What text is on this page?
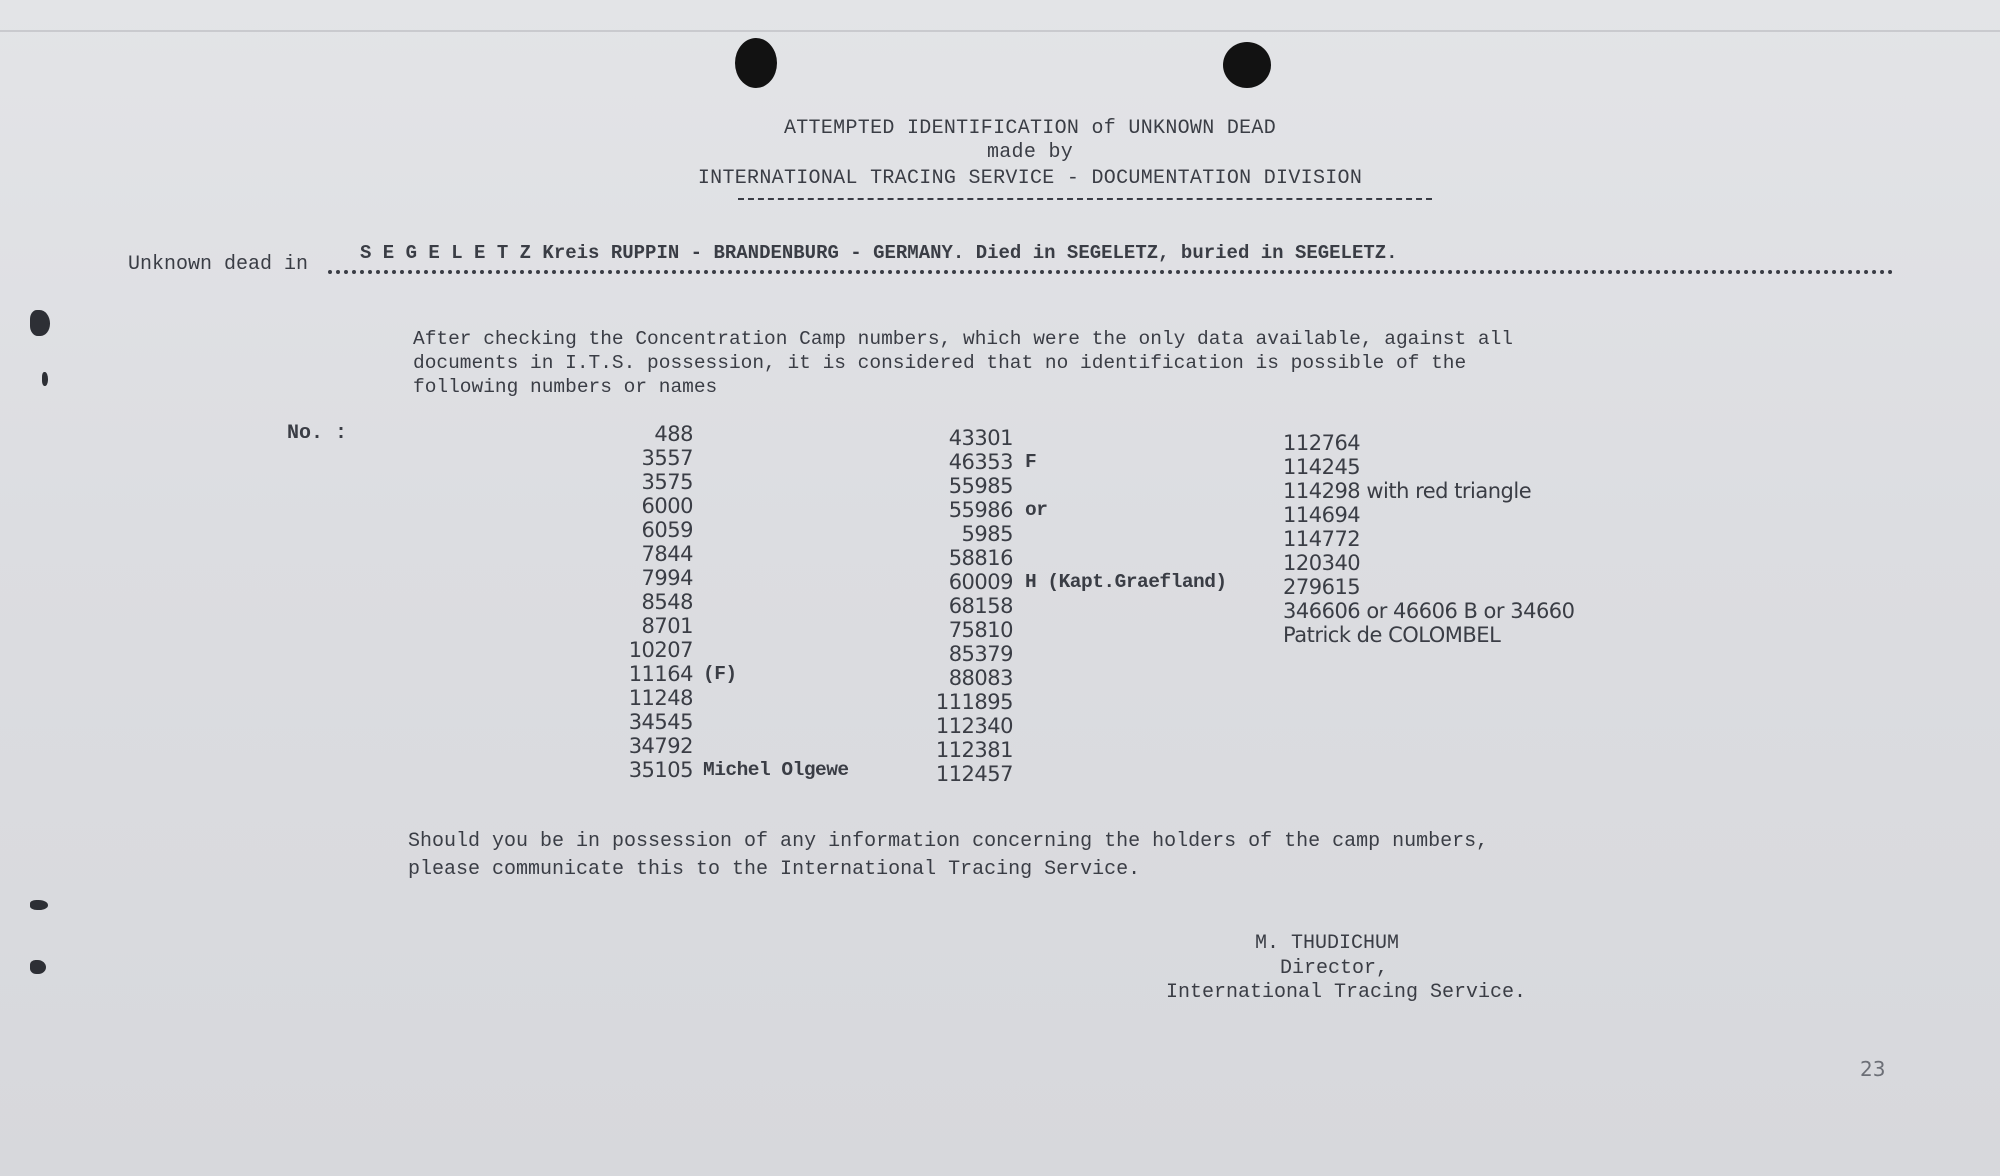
ATTEMPTED IDENTIFICATION of UNKNOWN DEAD
made by
INTERNATIONAL TRACING SERVICE - DOCUMENTATION DIVISION
Unknown dead in	S E G E L E T Z Kreis RUPPIN - BRANDENBURG - GERMANY. Died in SEGELETZ, buried in SEGELETZ.
After checking the Concentration Camp numbers, which were the only data available, against all
documents in I.T.S. possession, it is considered that no identification is possible of the
following numbers or names
No. :	488
3557
3575
6000
6059
7844
7994
8548
8701
10207
11164 (F)
11248
34545
34792
35105 Michel Olgewe
43301
46353 F
55985
55986 or
5985
58816
60009 H (Kapt.Graefland)
68158
75810
85379
88083
111895
112340
112381
112457
112764
114245
114298 with red triangle
114694
114772
120340
279615
346606 or 46606 B or 34660
Patrick de COLOMBEL
Should you be in possession of any information concerning the holders of the camp numbers,
please communicate this to the International Tracing Service.
M. THUDICHUM
Director,
International Tracing Service.
23
